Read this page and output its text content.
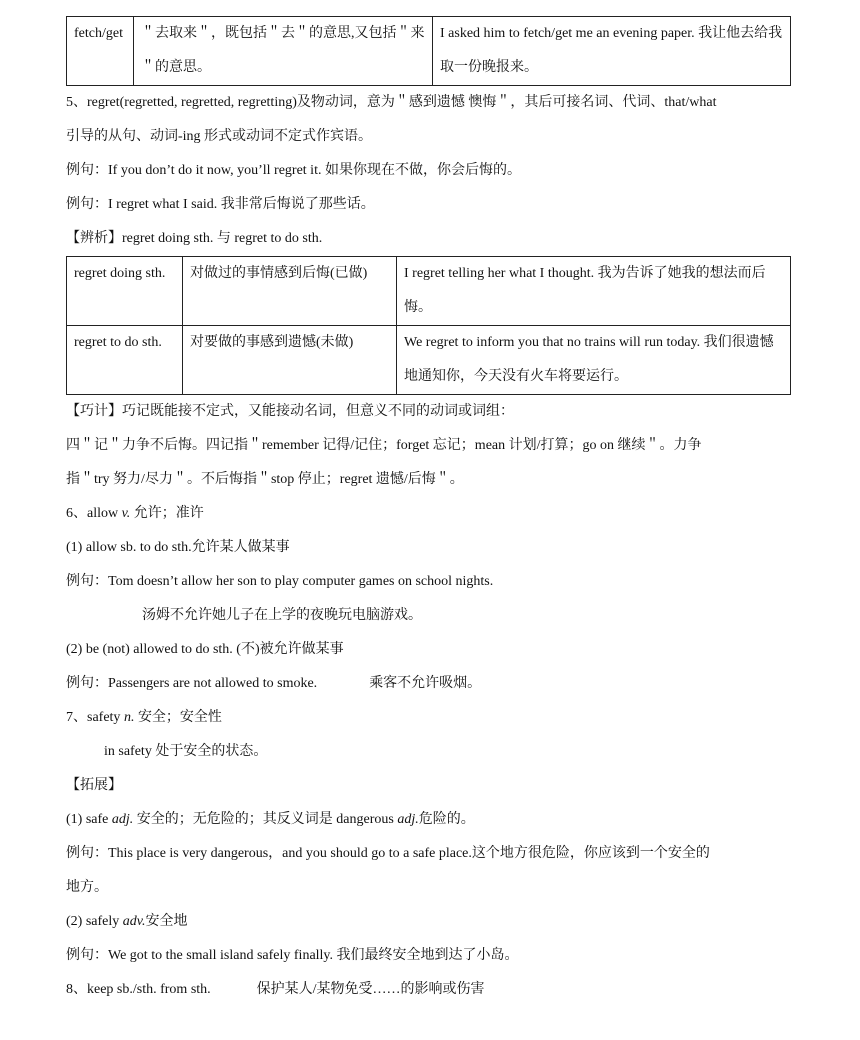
fetch/get	＂去取来＂，既包括＂去＂的意思,又包括＂来＂的意思。	I asked him to fetch/get me an evening paper. 我让他去给我取一份晚报来。
5、regret(regretted, regretted, regretting)及物动词，意为＂感到遗憾 懊悔＂，其后可接名词、代词、that/what
引导的从句、动词-ing 形式或动词不定式作宾语。
例句：If you don’t do it now, you’ll regret it. 如果你现在不做，你会后悔的。
例句：I regret what I said. 我非常后悔说了那些话。
【辨析】regret doing sth. 与 regret to do sth.
regret doing sth.	对做过的事情感到后悔(已做)	I regret telling her what I thought. 我为告诉了她我的想法而后悔。
regret to do sth.	对要做的事感到遗憾(未做)	We regret to inform you that no trains will run today. 我们很遗憾地通知你，今天没有火车将要运行。
【巧计】巧记既能接不定式，又能接动名词，但意义不同的动词或词组：
四＂记＂力争不后悔。四记指＂remember 记得/记住；forget 忘记；mean 计划/打算；go on 继续＂。力争
指＂try 努力/尽力＂。不后悔指＂stop 停止；regret 遗憾/后悔＂。
6、allow v. 允许；准许
(1) allow sb. to do sth.允许某人做某事
例句：Tom doesn’t allow her son to play computer games on school nights.
汤姆不允许她儿子在上学的夜晚玩电脑游戏。
(2) be (not) allowed to do sth. (不)被允许做某事
例句：Passengers are not allowed to smoke.	乘客不允许吸烟。
7、safety n. 安全；安全性
in safety 处于安全的状态。
【拓展】
(1) safe adj. 安全的；无危险的；其反义词是 dangerous adj.危险的。
例句：This place is very dangerous，and you should go to a safe place.这个地方很危险，你应该到一个安全的
地方。
(2) safely adv.安全地
例句：We got to the small island safely finally. 我们最终安全地到达了小岛。
8、keep sb./sth. from sth.	保护某人/某物免受……的影响或伤害
